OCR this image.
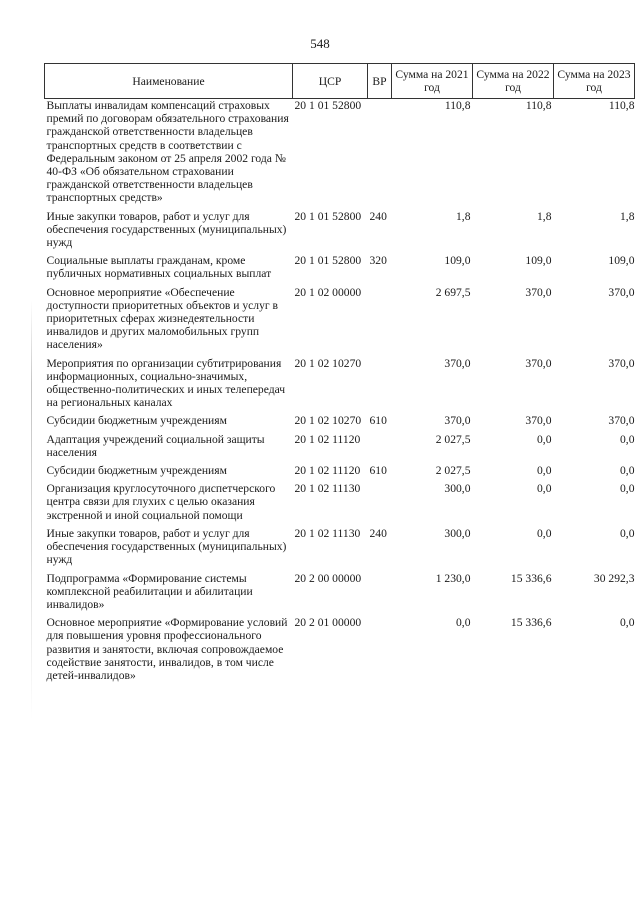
548
Наименование	ЦСР	ВР	Сумма на 2021 год	Сумма на 2022 год	Сумма на 2023 год
Выплаты инвалидам компенсаций страховых премий по договорам обязательного страхования гражданской ответственности владельцев транспортных средств в соответствии с Федеральным законом от 25 апреля 2002 года № 40-ФЗ «Об обязательном страховании гражданской ответственности владельцев транспортных средств»	20 1 01 52800		110,8	110,8	110,8
Иные закупки товаров, работ и услуг для обеспечения государственных (муниципальных) нужд	20 1 01 52800	240	1,8	1,8	1,8
Социальные выплаты гражданам, кроме публичных нормативных социальных выплат	20 1 01 52800	320	109,0	109,0	109,0
Основное мероприятие «Обеспечение доступности приоритетных объектов и услуг в приоритетных сферах жизнедеятельности инвалидов и других маломобильных групп населения»	20 1 02 00000		2 697,5	370,0	370,0
Мероприятия по организации субтитрирования информационных, социально-значимых, общественно-политических и иных телепередач на региональных каналах	20 1 02 10270		370,0	370,0	370,0
Субсидии бюджетным учреждениям	20 1 02 10270	610	370,0	370,0	370,0
Адаптация учреждений социальной защиты населения	20 1 02 11120		2 027,5	0,0	0,0
Субсидии бюджетным учреждениям	20 1 02 11120	610	2 027,5	0,0	0,0
Организация круглосуточного диспетчерского центра связи для глухих с целью оказания экстренной и иной социальной помощи	20 1 02 11130		300,0	0,0	0,0
Иные закупки товаров, работ и услуг для обеспечения государственных (муниципальных) нужд	20 1 02 11130	240	300,0	0,0	0,0
Подпрограмма «Формирование системы комплексной реабилитации и абилитации инвалидов»	20 2 00 00000		1 230,0	15 336,6	30 292,3
Основное мероприятие «Формирование условий для повышения уровня профессионального развития и занятости, включая сопровождаемое содействие занятости, инвалидов, в том числе детей-инвалидов»	20 2 01 00000		0,0	15 336,6	0,0
